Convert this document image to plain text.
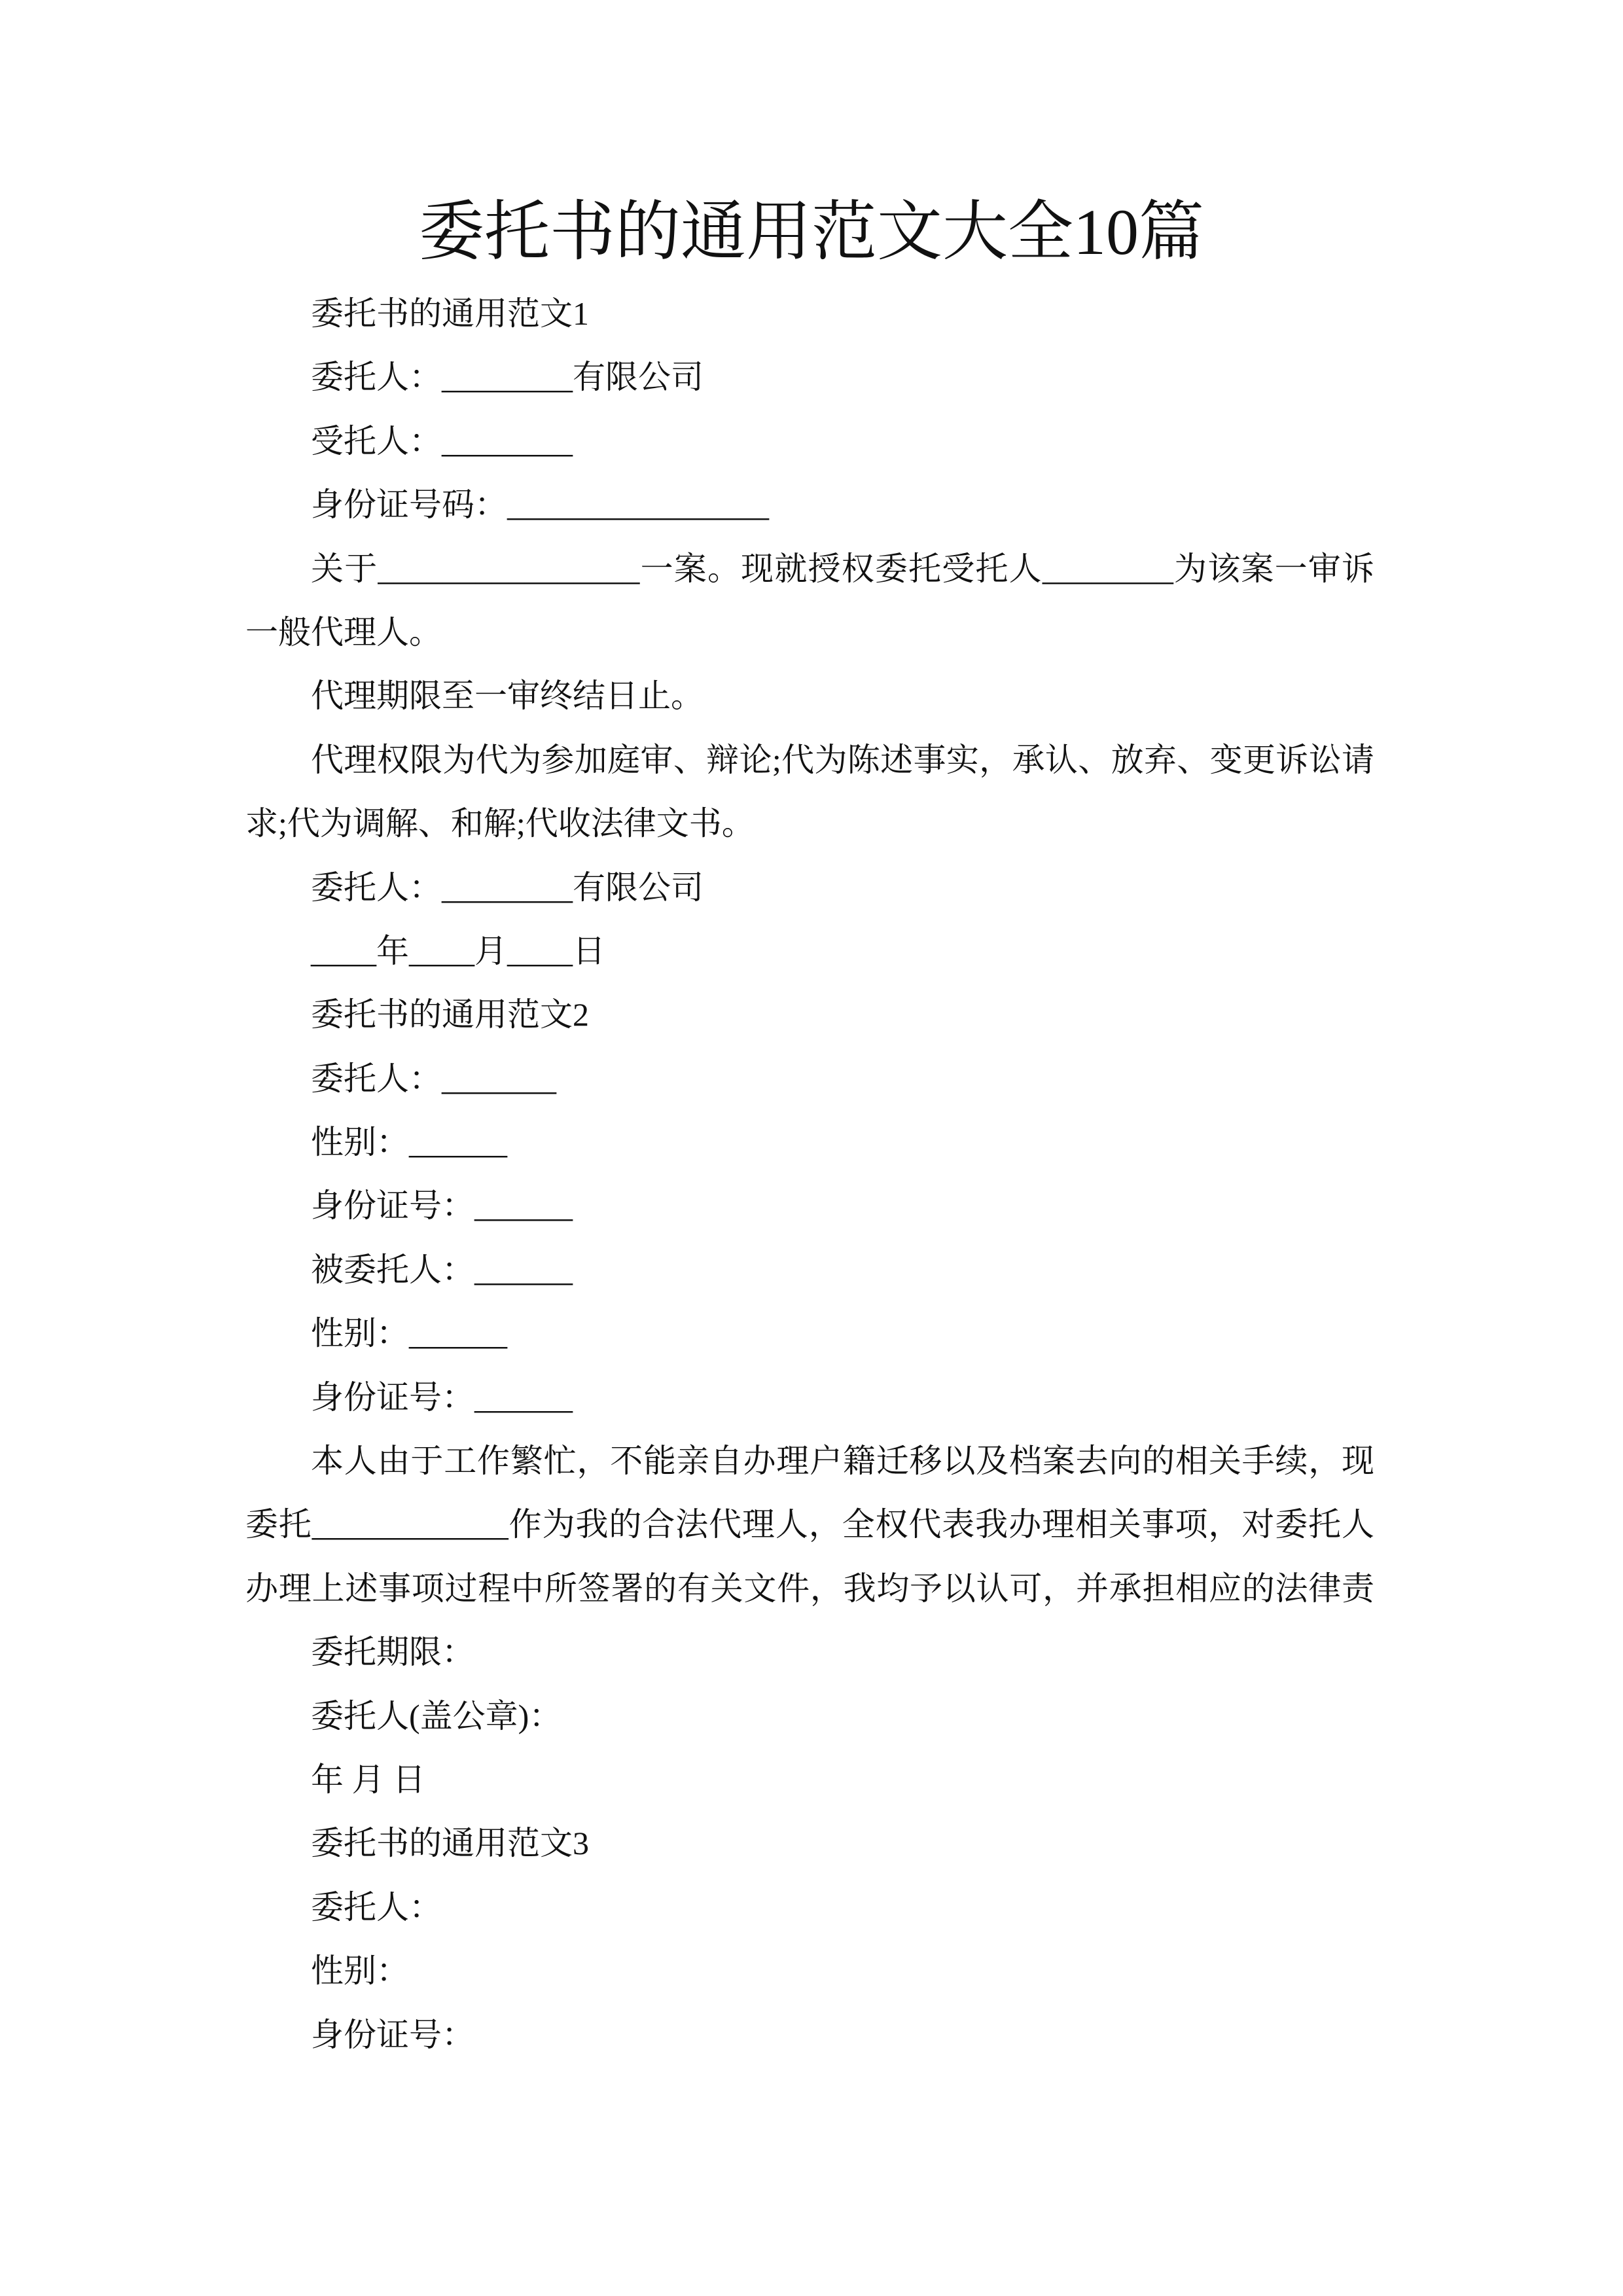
委托书的通用范文大全10篇
委托书的通用范文1
委托人：________有限公司
受托人：________
身份证号码：________________
关于________________一案。现就授权委托受托人________为该案一审诉
一般代理人。
代理期限至一审终结日止。
代理权限为代为参加庭审、辩论;代为陈述事实，承认、放弃、变更诉讼请
求;代为调解、和解;代收法律文书。
委托人：________有限公司
____年____月____日
委托书的通用范文2
委托人：_______
性别：______
身份证号：______
被委托人：______
性别：______
身份证号：______
本人由于工作繁忙，不能亲自办理户籍迁移以及档案去向的相关手续，现
委托____________作为我的合法代理人，全权代表我办理相关事项，对委托人
办理上述事项过程中所签署的有关文件，我均予以认可，并承担相应的法律责
委托期限：
委托人(盖公章)：
年 月 日
委托书的通用范文3
委托人：
性别：
身份证号：
